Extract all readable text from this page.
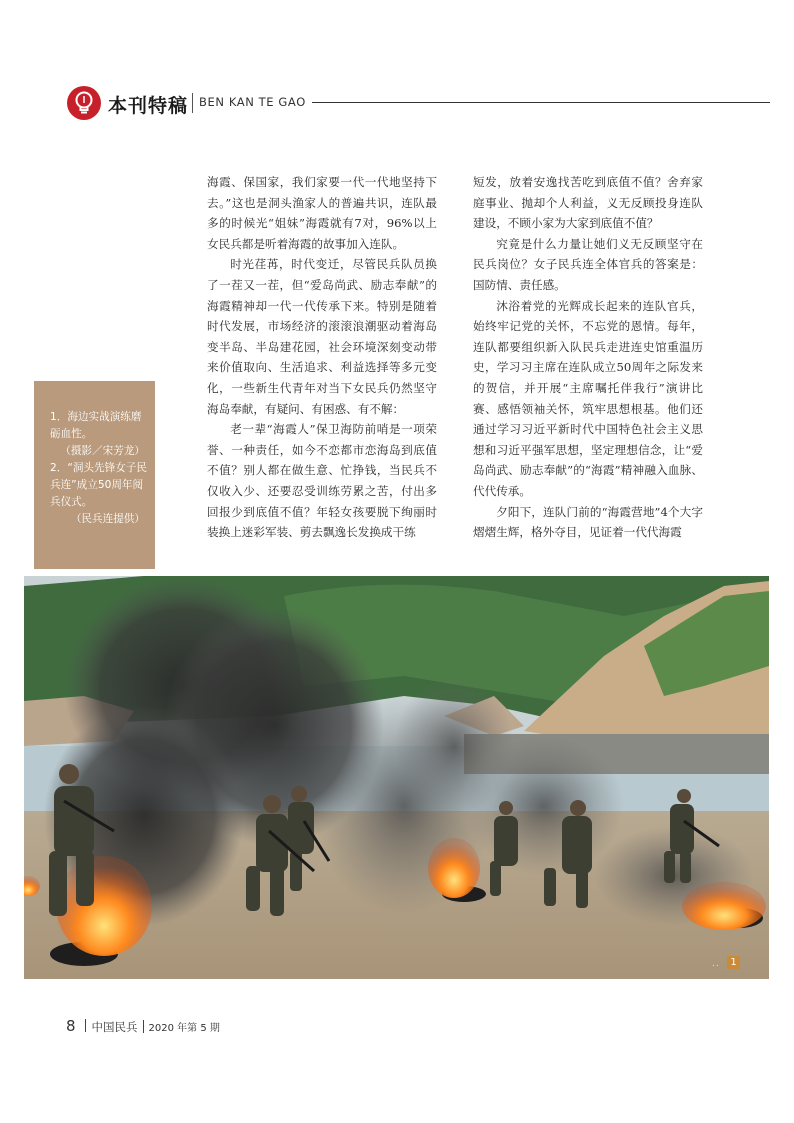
本刊特稿 BEN KAN TE GAO

海霞、保国家，我们家要一代一代地坚持下去。”这也是洞头渔家人的普遍共识，连队最多的时候光“姐妹”海霞就有7对，96%以上女民兵都是听着海霞的故事加入连队。

时光荏苒，时代变迁，尽管民兵队员换了一茬又一茬，但“爱岛尚武、励志奉献”的海霞精神却一代一代传承下来。特别是随着时代发展，市场经济的滚滚浪潮驱动着海岛变半岛、半岛建花园，社会环境深刻变动带来价值取向、生活追求、利益选择等多元变化，一些新生代青年对当下女民兵仍然坚守海岛奉献，有疑问、有困惑、有不解：

老一辈“海霞人”保卫海防前哨是一项荣誉、一种责任，如今不恋都市恋海岛到底值不值？别人都在做生意、忙挣钱，当民兵不仅收入少、还要忍受训练劳累之苦，付出多回报少到底值不值？年轻女孩要脱下绚丽时装换上迷彩军装、剪去飘逸长发换成干练

短发，放着安逸找苦吃到底值不值？舍弃家庭事业、抛却个人利益，义无反顾投身连队建设，不顾小家为大家到底值不值？

究竟是什么力量让她们义无反顾坚守在民兵岗位？女子民兵连全体官兵的答案是：国防情、责任感。

沐浴着党的光辉成长起来的连队官兵，始终牢记党的关怀，不忘党的恩情。每年，连队都要组织新入队民兵走进连史馆重温历史，学习习主席在连队成立50周年之际发来的贺信，并开展“主席嘱托伴我行”演讲比赛、感悟领袖关怀，筑牢思想根基。他们还通过学习习近平新时代中国特色社会主义思想和习近平强军思想，坚定理想信念，让“爱岛尚武、励志奉献”的“海霞”精神融入血脉、代代传承。

夕阳下，连队门前的“海霞营地”4个大字熠熠生辉，格外夺目，见证着一代代海霞

1．海边实战演练磨砺血性。

（摄影／宋芳龙）

2．“洞头先锋女子民兵连”成立50周年阅兵仪式。

（民兵连提供）

..	1
8 中国民兵 2020 年第 5 期
